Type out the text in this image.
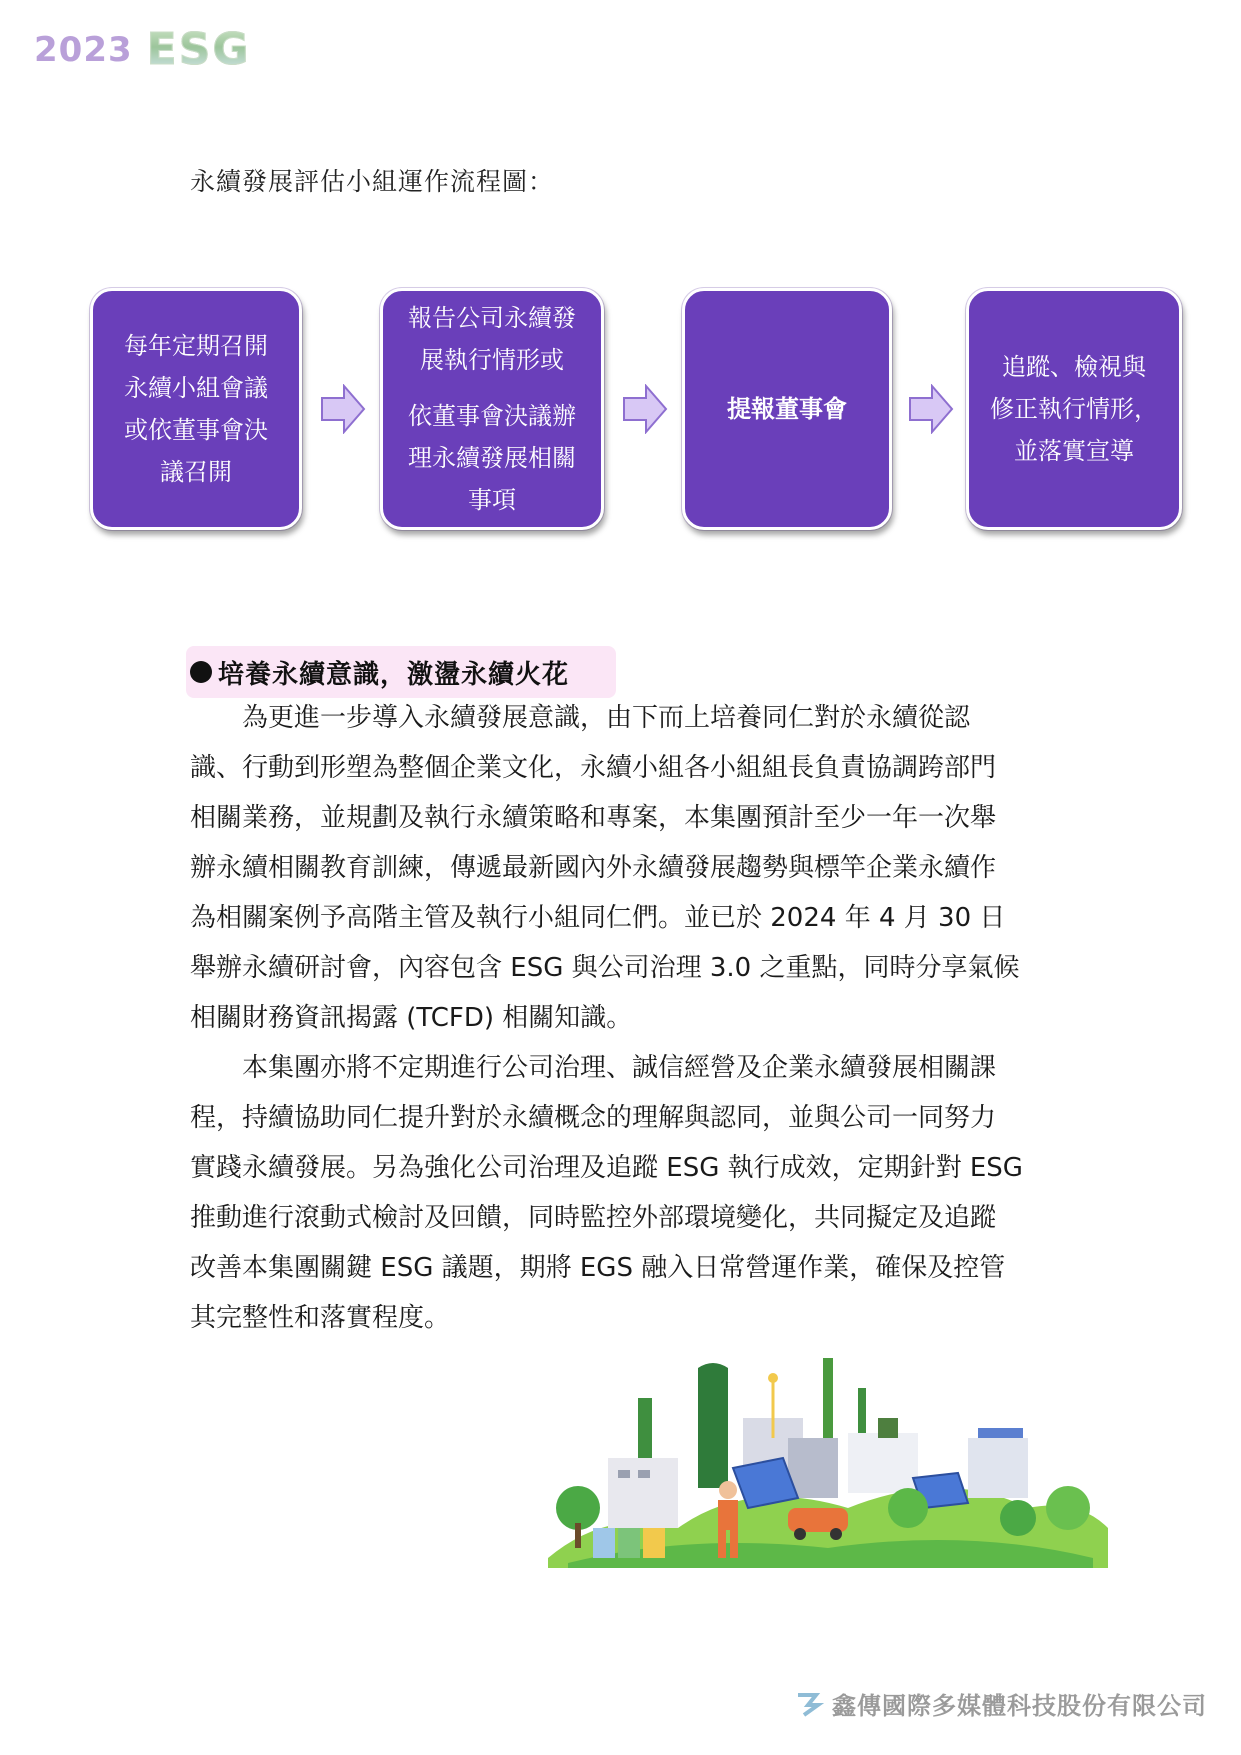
2023 ESG
永續發展評估小組運作流程圖：
每年定期召開
永續小組會議
或依董事會決
議召開
報告公司永續發
展執行情形或
依董事會決議辦
理永續發展相關
事項
提報董事會
追蹤、檢視與
修正執行情形，
並落實宣導
培養永續意識，激盪永續火花
為更進一步導入永續發展意識，由下而上培養同仁對於永續從認
識、行動到形塑為整個企業文化，永續小組各小組組長負責協調跨部門
相關業務，並規劃及執行永續策略和專案，本集團預計至少一年一次舉
辦永續相關教育訓練，傳遞最新國內外永續發展趨勢與標竿企業永續作
為相關案例予高階主管及執行小組同仁們。並已於 2024 年 4 月 30 日
舉辦永續研討會，內容包含 ESG 與公司治理 3.0 之重點，同時分享氣候
相關財務資訊揭露 (TCFD) 相關知識。
本集團亦將不定期進行公司治理、誠信經營及企業永續發展相關課
程，持續協助同仁提升對於永續概念的理解與認同，並與公司一同努力
實踐永續發展。另為強化公司治理及追蹤 ESG 執行成效，定期針對 ESG
推動進行滾動式檢討及回饋，同時監控外部環境變化，共同擬定及追蹤
改善本集團關鍵 ESG 議題，期將 EGS 融入日常營運作業，確保及控管
其完整性和落實程度。
鑫傳國際多媒體科技股份有限公司
